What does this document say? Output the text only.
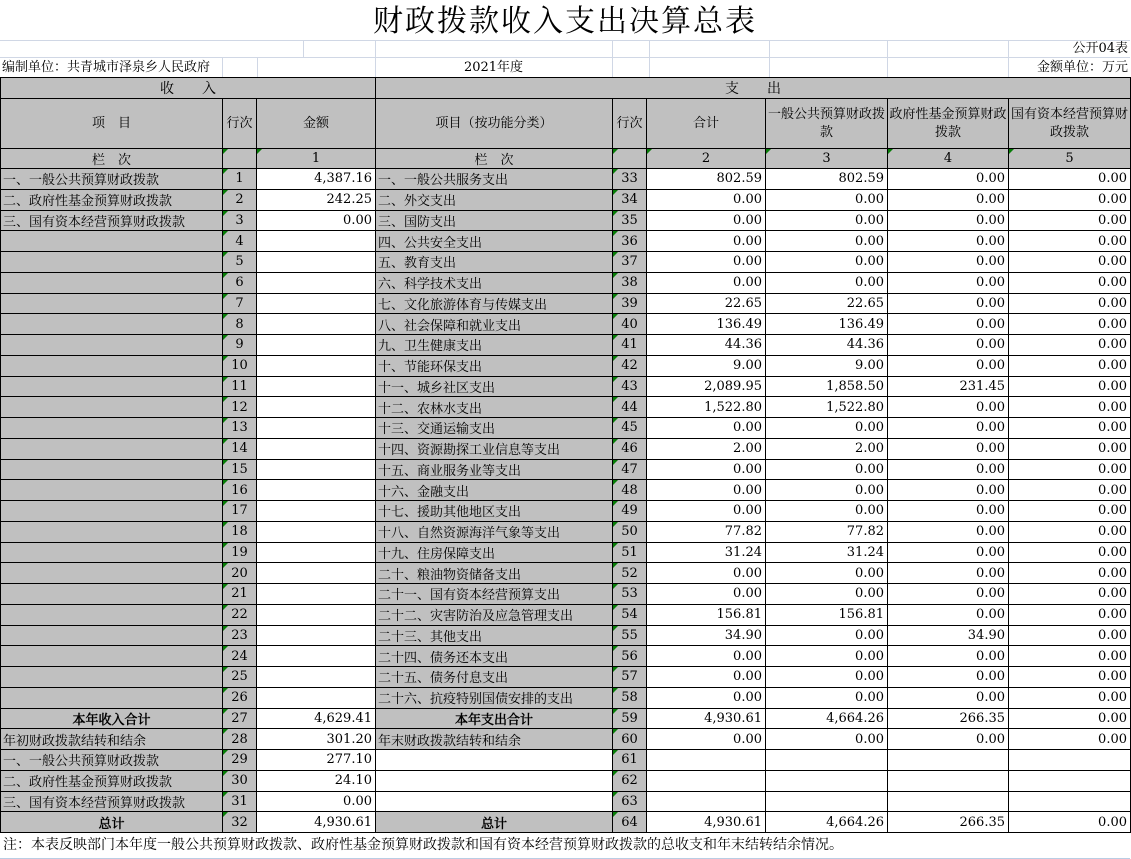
财政拨款收入支出决算总表
公开04表
编制单位：共青城市泽泉乡人民政府	2021年度	金额单位：万元
收　　入			支　　出					
项　目	行次	金额	项目（按功能分类）	行次	合计	一般公共预算财政拨款	政府性基金预算财政拨款	国有资本经营预算财政拨款
栏　次		1	栏　次		2	3	4	5
一、一般公共预算财政拨款	1	4,387.16	一、一般公共服务支出	33	802.59	802.59	0.00	0.00
二、政府性基金预算财政拨款	2	242.25	二、外交支出	34	0.00	0.00	0.00	0.00
三、国有资本经营预算财政拨款	3	0.00	三、国防支出	35	0.00	0.00	0.00	0.00
	4		四、公共安全支出	36	0.00	0.00	0.00	0.00
	5		五、教育支出	37	0.00	0.00	0.00	0.00
	6		六、科学技术支出	38	0.00	0.00	0.00	0.00
	7		七、文化旅游体育与传媒支出	39	22.65	22.65	0.00	0.00
	8		八、社会保障和就业支出	40	136.49	136.49	0.00	0.00
	9		九、卫生健康支出	41	44.36	44.36	0.00	0.00
	10		十、节能环保支出	42	9.00	9.00	0.00	0.00
	11		十一、城乡社区支出	43	2,089.95	1,858.50	231.45	0.00
	12		十二、农林水支出	44	1,522.80	1,522.80	0.00	0.00
	13		十三、交通运输支出	45	0.00	0.00	0.00	0.00
	14		十四、资源勘探工业信息等支出	46	2.00	2.00	0.00	0.00
	15		十五、商业服务业等支出	47	0.00	0.00	0.00	0.00
	16		十六、金融支出	48	0.00	0.00	0.00	0.00
	17		十七、援助其他地区支出	49	0.00	0.00	0.00	0.00
	18		十八、自然资源海洋气象等支出	50	77.82	77.82	0.00	0.00
	19		十九、住房保障支出	51	31.24	31.24	0.00	0.00
	20		二十、粮油物资储备支出	52	0.00	0.00	0.00	0.00
	21		二十一、国有资本经营预算支出	53	0.00	0.00	0.00	0.00
	22		二十二、灾害防治及应急管理支出	54	156.81	156.81	0.00	0.00
	23		二十三、其他支出	55	34.90	0.00	34.90	0.00
	24		二十四、债务还本支出	56	0.00	0.00	0.00	0.00
	25		二十五、债务付息支出	57	0.00	0.00	0.00	0.00
	26		二十六、抗疫特别国债安排的支出	58	0.00	0.00	0.00	0.00
本年收入合计	27	4,629.41	本年支出合计	59	4,930.61	4,664.26	266.35	0.00
年初财政拨款结转和结余	28	301.20	年末财政拨款结转和结余	60	0.00	0.00	0.00	0.00
一、一般公共预算财政拨款	29	277.10		61				
二、政府性基金预算财政拨款	30	24.10		62				
三、国有资本经营预算财政拨款	31	0.00		63				
总计	32	4,930.61	总计	64	4,930.61	4,664.26	266.35	0.00
注：本表反映部门本年度一般公共预算财政拨款、政府性基金预算财政拨款和国有资本经营预算财政拨款的总收支和年末结转结余情况。
